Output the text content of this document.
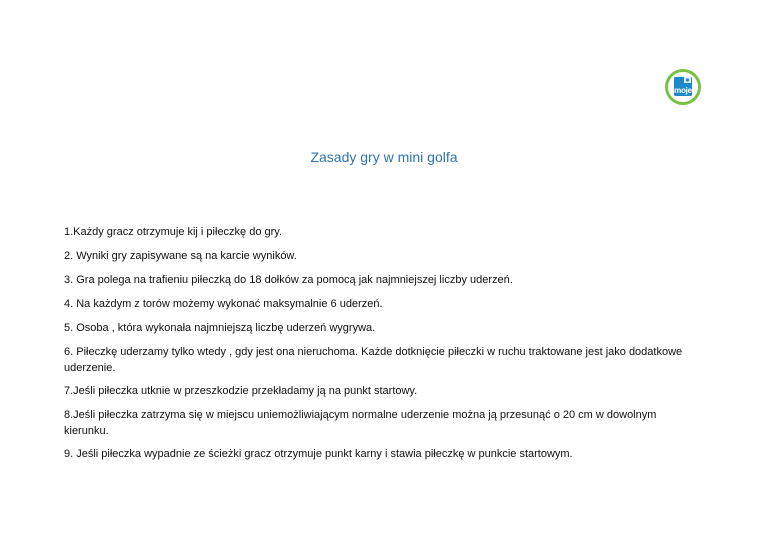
moje
Zasady gry w mini golfa

1.Każdy gracz otrzymuje kij i piłeczkę do gry.

2. Wyniki gry zapisywane są na karcie wyników.

3. Gra polega na trafieniu piłeczką do 18 dołków za pomocą jak najmniejszej liczby uderzeń.

4. Na każdym z torów możemy wykonać maksymalnie 6 uderzeń.

5. Osoba , która wykonała najmniejszą liczbę uderzeń wygrywa.

6. Piłeczkę uderzamy tylko wtedy , gdy jest ona nieruchoma. Każde dotknięcie piłeczki w ruchu traktowane jest jako dodatkowe uderzenie.

7.Jeśli piłeczka utknie w przeszkodzie przekładamy ją na punkt startowy.

8.Jeśli piłeczka zatrzyma się w miejscu uniemożliwiającym normalne uderzenie można ją przesunąć o 20 cm w dowolnym kierunku.

9. Jeśli piłeczka wypadnie ze ścieżki gracz otrzymuje punkt karny i stawia piłeczkę w punkcie startowym.
